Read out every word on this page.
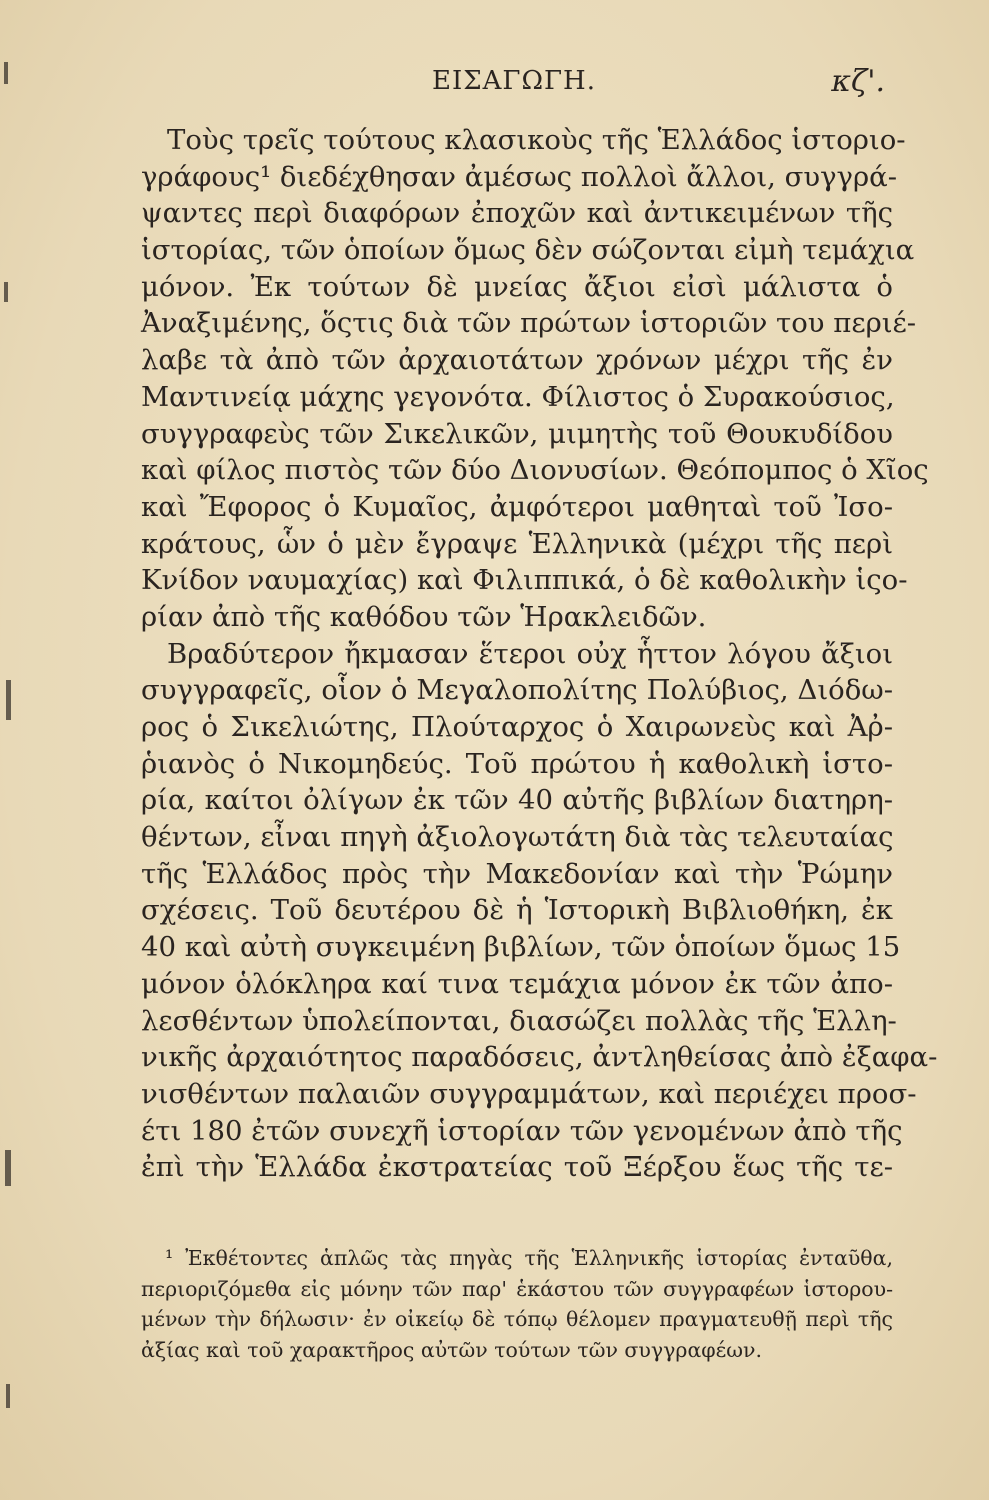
ΕΙΣΑΓΩΓΗ.	κζ'.
Τοὺς τρεῖς τούτους κλασικοὺς τῆς Ἑλλάδος ἱστοριο-
γράφους¹ διεδέχθησαν ἀμέσως πολλοὶ ἄλλοι, συγγρά-
ψαντες περὶ διαφόρων ἐποχῶν καὶ ἀντικειμένων τῆς
ἱστορίας, τῶν ὁποίων ὅμως δὲν σώζονται εἰμὴ τεμάχια
μόνον. Ἐκ τούτων δὲ μνείας ἄξιοι εἰσὶ μάλιστα ὁ
Ἀναξιμένης, ὅςτις διὰ τῶν πρώτων ἱστοριῶν του περιέ-
λαβε τὰ ἀπὸ τῶν ἀρχαιοτάτων χρόνων μέχρι τῆς ἐν
Μαντινείᾳ μάχης γεγονότα. Φίλιστος ὁ Συρακούσιος,
συγγραφεὺς τῶν Σικελικῶν, μιμητὴς τοῦ Θουκυδίδου
καὶ φίλος πιστὸς τῶν δύο Διονυσίων. Θεόπομπος ὁ Χῖος
καὶ Ἔφορος ὁ Κυμαῖος, ἀμφότεροι μαθηταὶ τοῦ Ἰσο-
κράτους, ὧν ὁ μὲν ἔγραψε Ἑλληνικὰ (μέχρι τῆς περὶ
Κνίδον ναυμαχίας) καὶ Φιλιππικά, ὁ δὲ καθολικὴν ἱςο-
ρίαν ἀπὸ τῆς καθόδου τῶν Ἡρακλειδῶν.
Βραδύτερον ἤκμασαν ἕτεροι οὐχ ἧττον λόγου ἄξιοι
συγγραφεῖς, οἷον ὁ Μεγαλοπολίτης Πολύβιος, Διόδω-
ρος ὁ Σικελιώτης, Πλούταρχος ὁ Χαιρωνεὺς καὶ Ἀῤ-
ῥιανὸς ὁ Νικομηδεύς. Τοῦ πρώτου ἡ καθολικὴ ἱστο-
ρία, καίτοι ὀλίγων ἐκ τῶν 40 αὐτῆς βιβλίων διατηρη-
θέντων, εἶναι πηγὴ ἀξιολογωτάτη διὰ τὰς τελευταίας
τῆς Ἑλλάδος πρὸς τὴν Μακεδονίαν καὶ τὴν Ῥώμην
σχέσεις. Τοῦ δευτέρου δὲ ἡ Ἱστορικὴ Βιβλιοθήκη, ἐκ
40 καὶ αὐτὴ συγκειμένη βιβλίων, τῶν ὁποίων ὅμως 15
μόνον ὁλόκληρα καί τινα τεμάχια μόνον ἐκ τῶν ἀπο-
λεσθέντων ὑπολείπονται, διασώζει πολλὰς τῆς Ἑλλη-
νικῆς ἀρχαιότητος παραδόσεις, ἀντληθείσας ἀπὸ ἐξαφα-
νισθέντων παλαιῶν συγγραμμάτων, καὶ περιέχει προσ-
έτι 180 ἐτῶν συνεχῆ ἱστορίαν τῶν γενομένων ἀπὸ τῆς
ἐπὶ τὴν Ἑλλάδα ἐκστρατείας τοῦ Ξέρξου ἕως τῆς τε-
¹ Ἐκθέτοντες ἁπλῶς τὰς πηγὰς τῆς Ἑλληνικῆς ἱστορίας ἐνταῦθα,
περιοριζόμεθα εἰς μόνην τῶν παρ' ἑκάστου τῶν συγγραφέων ἱστορου-
μένων τὴν δήλωσιν· ἐν οἰκείῳ δὲ τόπῳ θέλομεν πραγματευθῇ περὶ τῆς
ἀξίας καὶ τοῦ χαρακτῆρος αὐτῶν τούτων τῶν συγγραφέων.
